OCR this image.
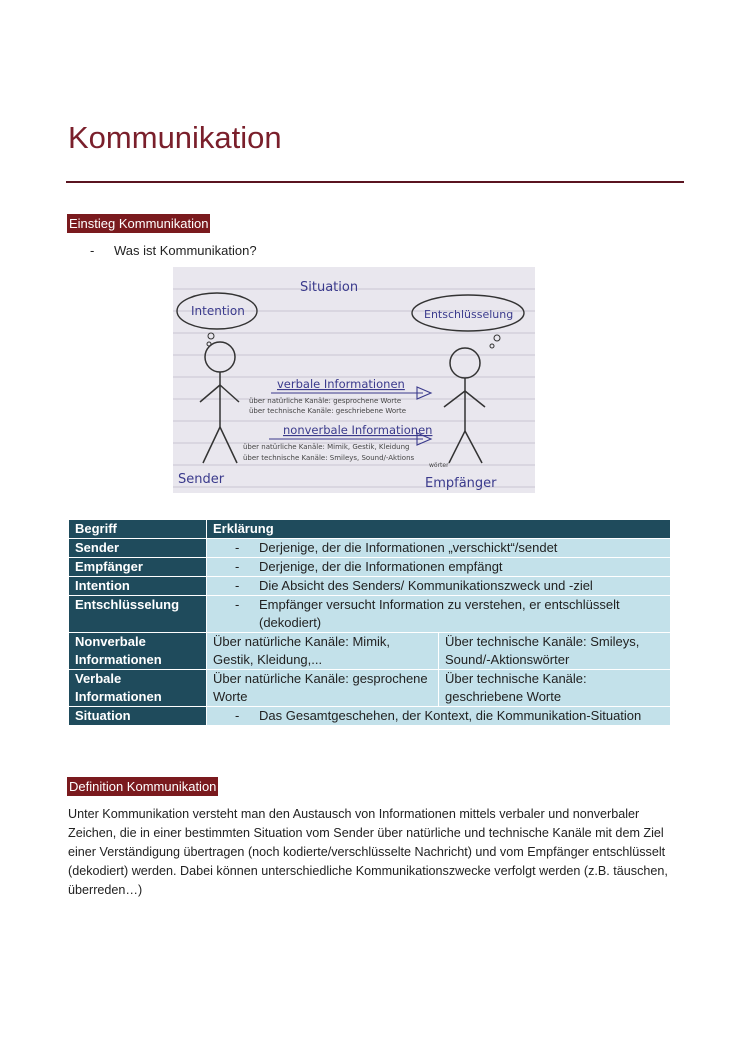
Kommunikation
Einstieg Kommunikation
- Was ist Kommunikation?
Situation
Intention	Entschlüsselung
Sender	Empfänger
verbale Informationen
über natürliche Kanäle: gesprochene Worte
über technische Kanäle: geschriebene Worte
nonverbale Informationen
über natürliche Kanäle: Mimik, Gestik, Kleidung
über technische Kanäle: Smileys, Sound/-Aktions
wörter
Begriff	Erklärung	
Sender	- Derjenige, der die Informationen „verschickt“/sendet	

Empfänger	- Derjenige, der die Informationen empfängt	

Intention	- Die Absicht des Senders/ Kommunikationszweck und -ziel	

Entschlüsselung	- Empfänger versucht Information zu verstehen, er entschlüsselt (dekodiert)	

Nonverbale Informationen	Über natürliche Kanäle: Mimik, Gestik, Kleidung,...	Über technische Kanäle: Smileys, Sound/-Aktionswörter
Verbale Informationen	Über natürliche Kanäle: gesprochene Worte	Über technische Kanäle: geschriebene Worte
Situation	- Das Gesamtgeschehen, der Kontext, die Kommunikation-Situation	
Definition Kommunikation
Unter Kommunikation versteht man den Austausch von Informationen mittels verbaler und nonverbaler Zeichen, die in einer bestimmten Situation vom Sender über natürliche und technische Kanäle mit dem Ziel einer Verständigung übertragen (noch kodierte/verschlüsselte Nachricht) und vom Empfänger entschlüsselt (dekodiert) werden. Dabei können unterschiedliche Kommunikationszwecke verfolgt werden (z.B. täuschen, überreden…)
